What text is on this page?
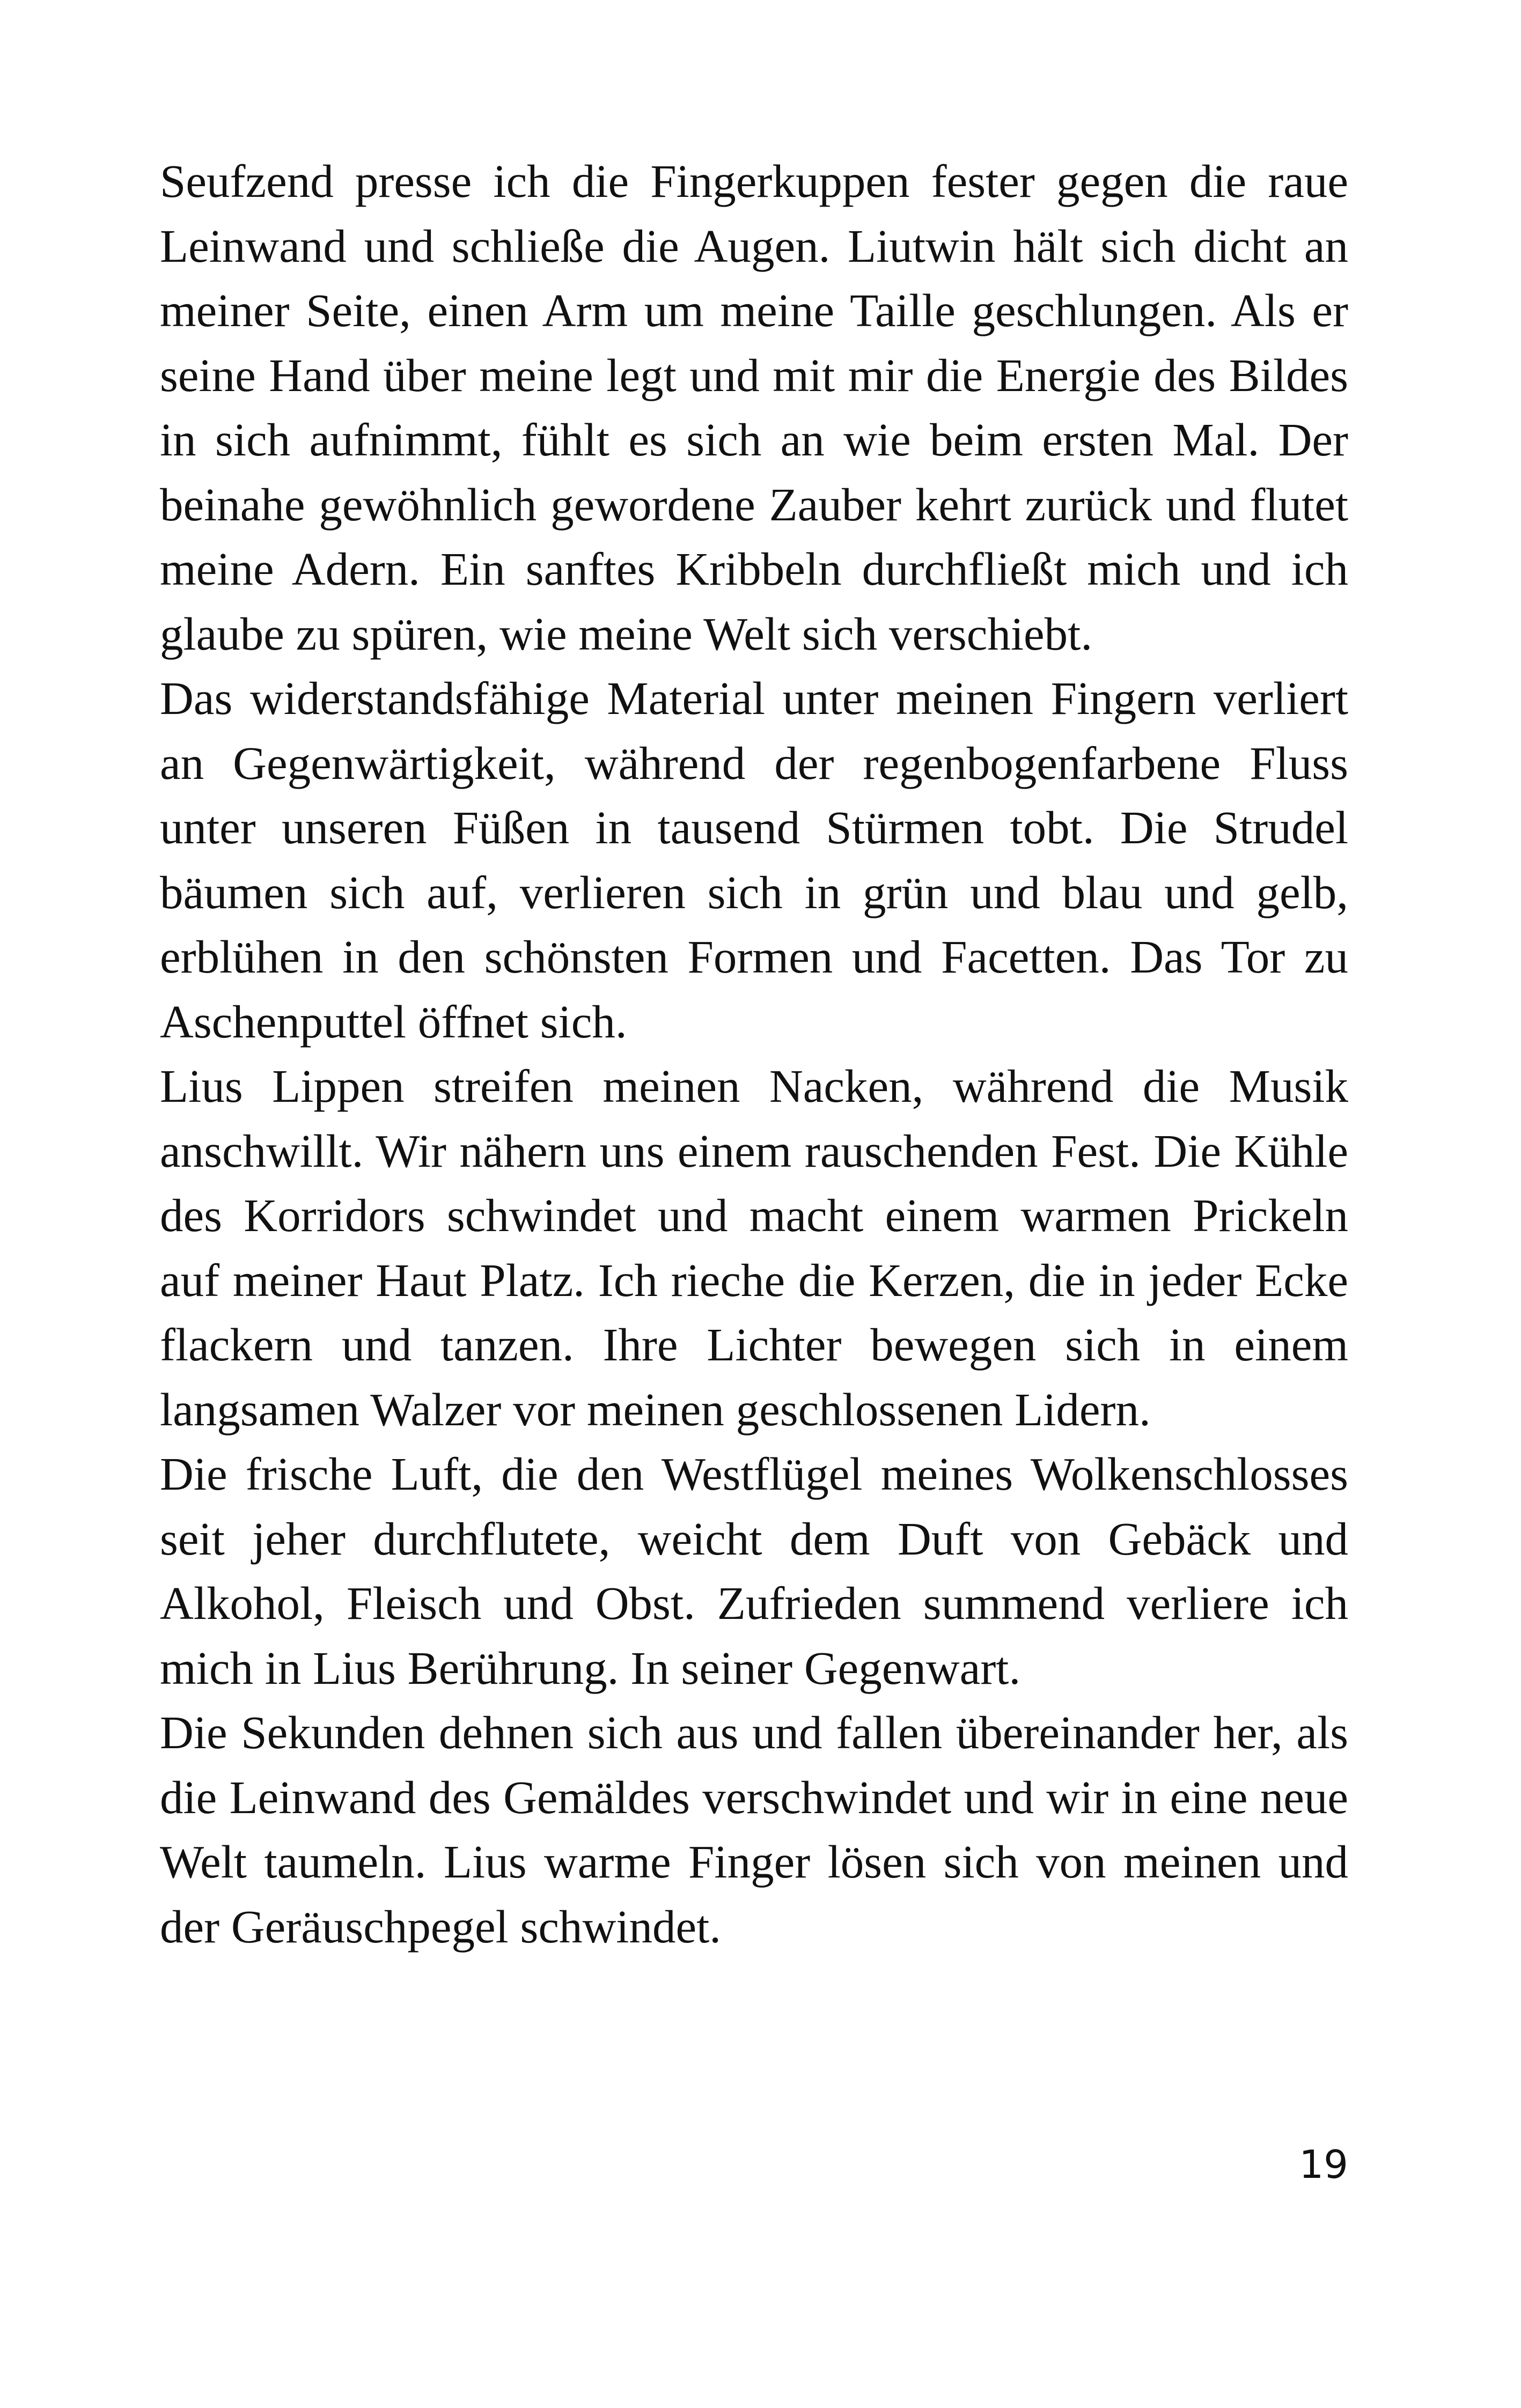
Seufzend presse ich die Fingerkuppen fester gegen die raue Leinwand und schließe die Augen. Liutwin hält sich dicht an meiner Seite, einen Arm um meine Taille geschlungen. Als er seine Hand über meine legt und mit mir die Energie des Bildes in sich aufnimmt, fühlt es sich an wie beim ersten Mal. Der beinahe gewöhnlich gewordene Zauber kehrt zurück und flutet meine Adern. Ein sanftes Kribbeln durchfließt mich und ich glaube zu spüren, wie meine Welt sich verschiebt.

Das widerstandsfähige Material unter meinen Fingern verliert an Gegenwärtigkeit, während der regenbogenfarbene Fluss unter unseren Füßen in tausend Stürmen tobt. Die Strudel bäumen sich auf, verlieren sich in grün und blau und gelb, erblühen in den schönsten Formen und Facetten. Das Tor zu Aschenputtel öffnet sich.

Lius Lippen streifen meinen Nacken, während die Musik anschwillt. Wir nähern uns einem rauschenden Fest. Die Kühle des Korridors schwindet und macht einem warmen Prickeln auf meiner Haut Platz. Ich rieche die Kerzen, die in jeder Ecke flackern und tanzen. Ihre Lichter bewegen sich in einem langsamen Walzer vor meinen geschlossenen Lidern.

Die frische Luft, die den Westflügel meines Wolkenschlosses seit jeher durchflutete, weicht dem Duft von Gebäck und Alkohol, Fleisch und Obst. Zufrieden summend verliere ich mich in Lius Berührung. In seiner Gegenwart.

Die Sekunden dehnen sich aus und fallen übereinander her, als die Leinwand des Gemäldes verschwindet und wir in eine neue Welt taumeln. Lius warme Finger lösen sich von meinen und der Geräuschpegel schwindet.

19
